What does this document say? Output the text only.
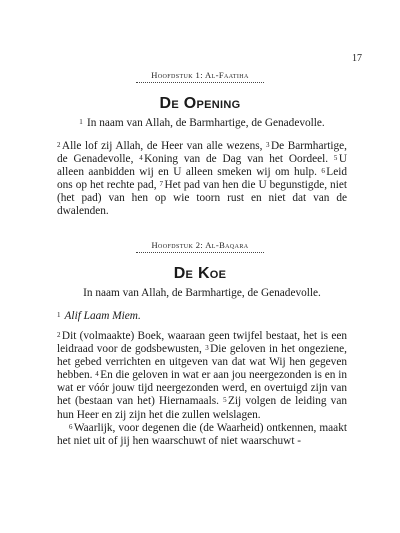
17
Hoofdstuk 1: Al-Faatiha
De Opening
$^1$  In naam van Allah, de Barmhartige, de Genadevolle.

$^2$ Alle lof zij Allah, de Heer van alle wezens, $^3$ De Barmhartige, de Genadevolle, $^4$ Koning van de Dag van het Oordeel. $^5$ U alleen aanbidden wij en U alleen smeken wij om hulp. $^6$ Leid ons op het rechte pad, $^7$ Het pad van hen die U begunstigde, niet (het pad) van hen op wie toorn rust en niet dat van de dwalenden.

Hoofdstuk 2: Al-Baqara
De Koe
In naam van Allah, de Barmhartige, de Genadevolle.
$^1$  Alif Laam Miem.

$^2$ Dit (volmaakte) Boek, waaraan geen twijfel bestaat, het is een leidraad voor de godsbewusten, $^3$ Die geloven in het ongeziene, het gebed verrichten en uitgeven van dat wat Wij hen gegeven hebben. $^4$ En die geloven in wat er aan jou neergezonden is en in wat er vóór jouw tijd neergezonden werd, en overtuigd zijn van het (bestaan van het) Hiernamaals. $^5$ Zij volgen de leiding van hun Heer en zij zijn het die zullen welslagen.

$^6$ Waarlijk, voor degenen die (de Waarheid) ontkennen, maakt het niet uit of jij hen waarschuwt of niet waarschuwt -
